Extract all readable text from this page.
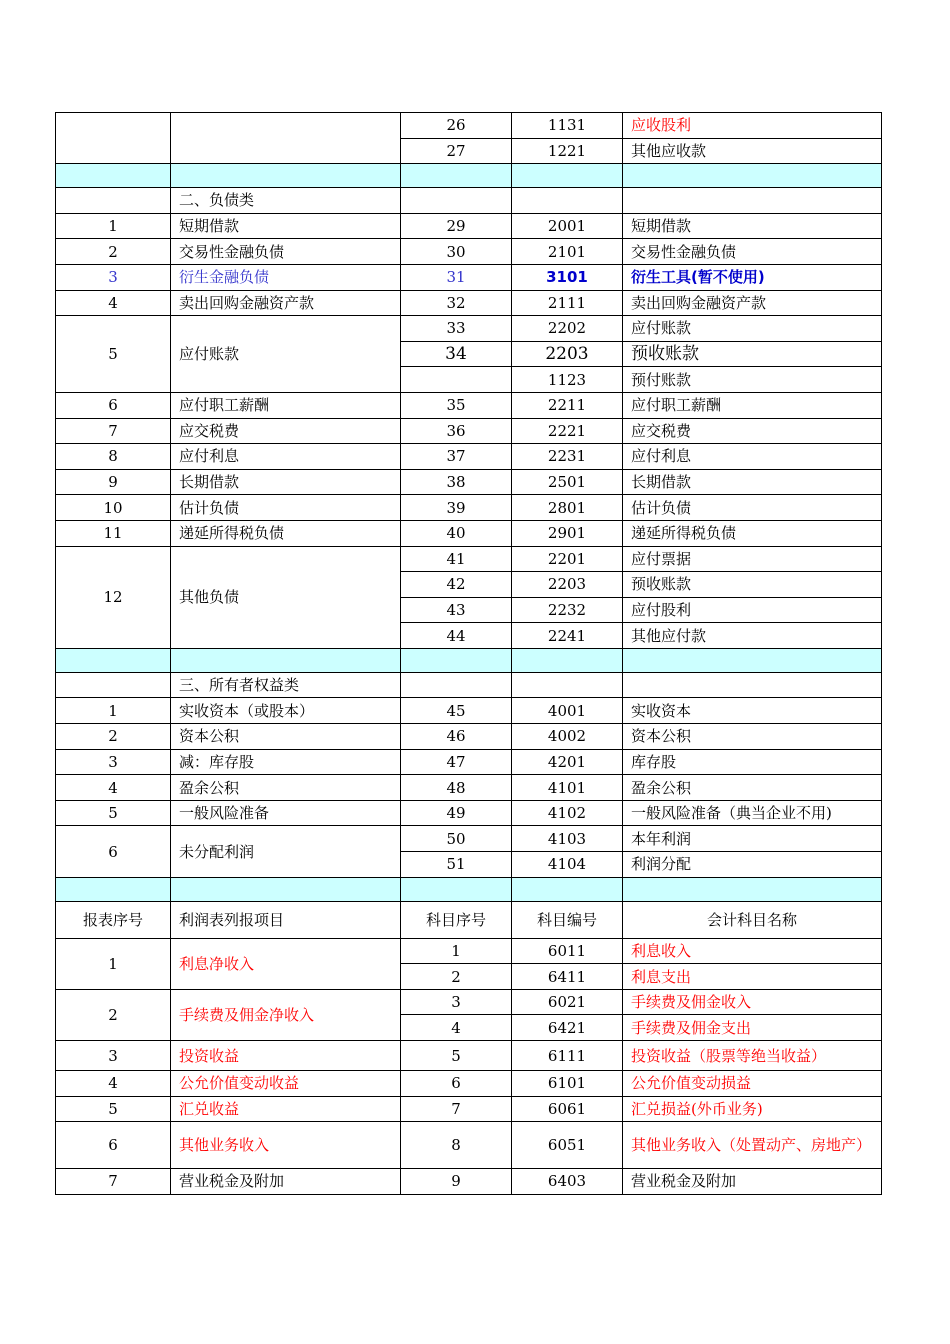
		26	1131	应收股利
		27	1221	其他应收款

	二、负债类			
1	短期借款	29	2001	短期借款
2	交易性金融负债	30	2101	交易性金融负债
3	衍生金融负债	31	3101	衍生工具(暂不使用)
4	卖出回购金融资产款	32	2111	卖出回购金融资产款
5	应付账款	33	2202	应付账款
		34	2203	预收账款
			1123	预付账款
6	应付职工薪酬	35	2211	应付职工薪酬
7	应交税费	36	2221	应交税费
8	应付利息	37	2231	应付利息
9	长期借款	38	2501	长期借款
10	估计负债	39	2801	估计负债
11	递延所得税负债	40	2901	递延所得税负债
12	其他负债	41	2201	应付票据
		42	2203	预收账款
		43	2232	应付股利
		44	2241	其他应付款

	三、所有者权益类			
1	实收资本（或股本）	45	4001	实收资本
2	资本公积	46	4002	资本公积
3	减：库存股	47	4201	库存股
4	盈余公积	48	4101	盈余公积
5	一般风险准备	49	4102	一般风险准备（典当企业不用)
6	未分配利润	50	4103	本年利润
		51	4104	利润分配

报表序号	利润表列报项目	科目序号	科目编号	会计科目名称
1	利息净收入	1	6011	利息收入
		2	6411	利息支出
2	手续费及佣金净收入	3	6021	手续费及佣金收入
		4	6421	手续费及佣金支出
3	投资收益	5	6111	投资收益（股票等绝当收益）
4	公允价值变动收益	6	6101	公允价值变动损益
5	汇兑收益	7	6061	汇兑损益(外币业务)
6	其他业务收入	8	6051	其他业务收入（处置动产、房地产）
7	营业税金及附加	9	6403	营业税金及附加
